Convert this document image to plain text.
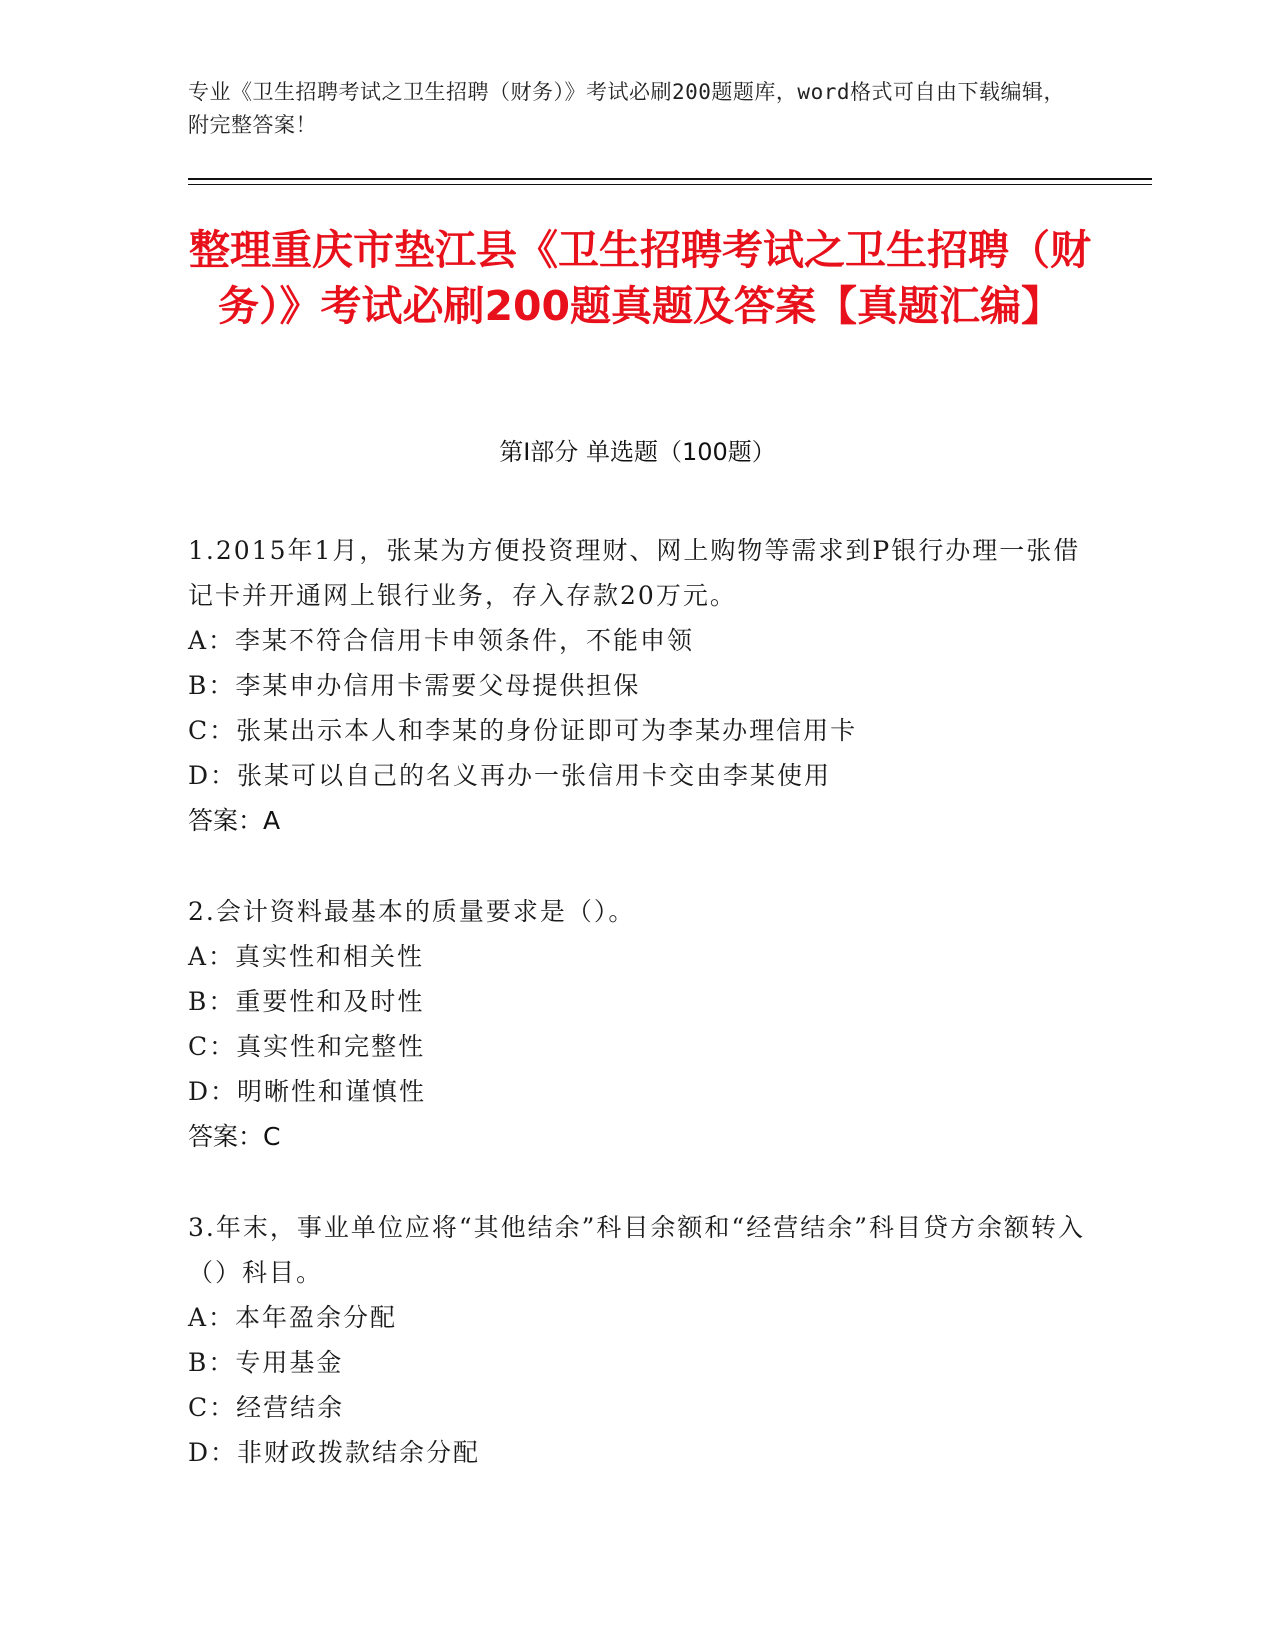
专业《卫生招聘考试之卫生招聘（财务）》考试必刷200题题库，word格式可自由下载编辑，附完整答案！
整理重庆市垫江县《卫生招聘考试之卫生招聘（财务）》考试必刷200题真题及答案【真题汇编】
第I部分 单选题（100题）
1.2015年1月，张某为方便投资理财、网上购物等需求到P银行办理一张借记卡并开通网上银行业务，存入存款20万元。
A：李某不符合信用卡申领条件，不能申领
B：李某申办信用卡需要父母提供担保
C：张某出示本人和李某的身份证即可为李某办理信用卡
D：张某可以自己的名义再办一张信用卡交由李某使用
答案：A
2.会计资料最基本的质量要求是（）。
A：真实性和相关性
B：重要性和及时性
C：真实性和完整性
D：明晰性和谨慎性
答案：C
3.年末，事业单位应将“其他结余”科目余额和“经营结余”科目贷方余额转入（）科目。
A：本年盈余分配
B：专用基金
C：经营结余
D：非财政拨款结余分配
